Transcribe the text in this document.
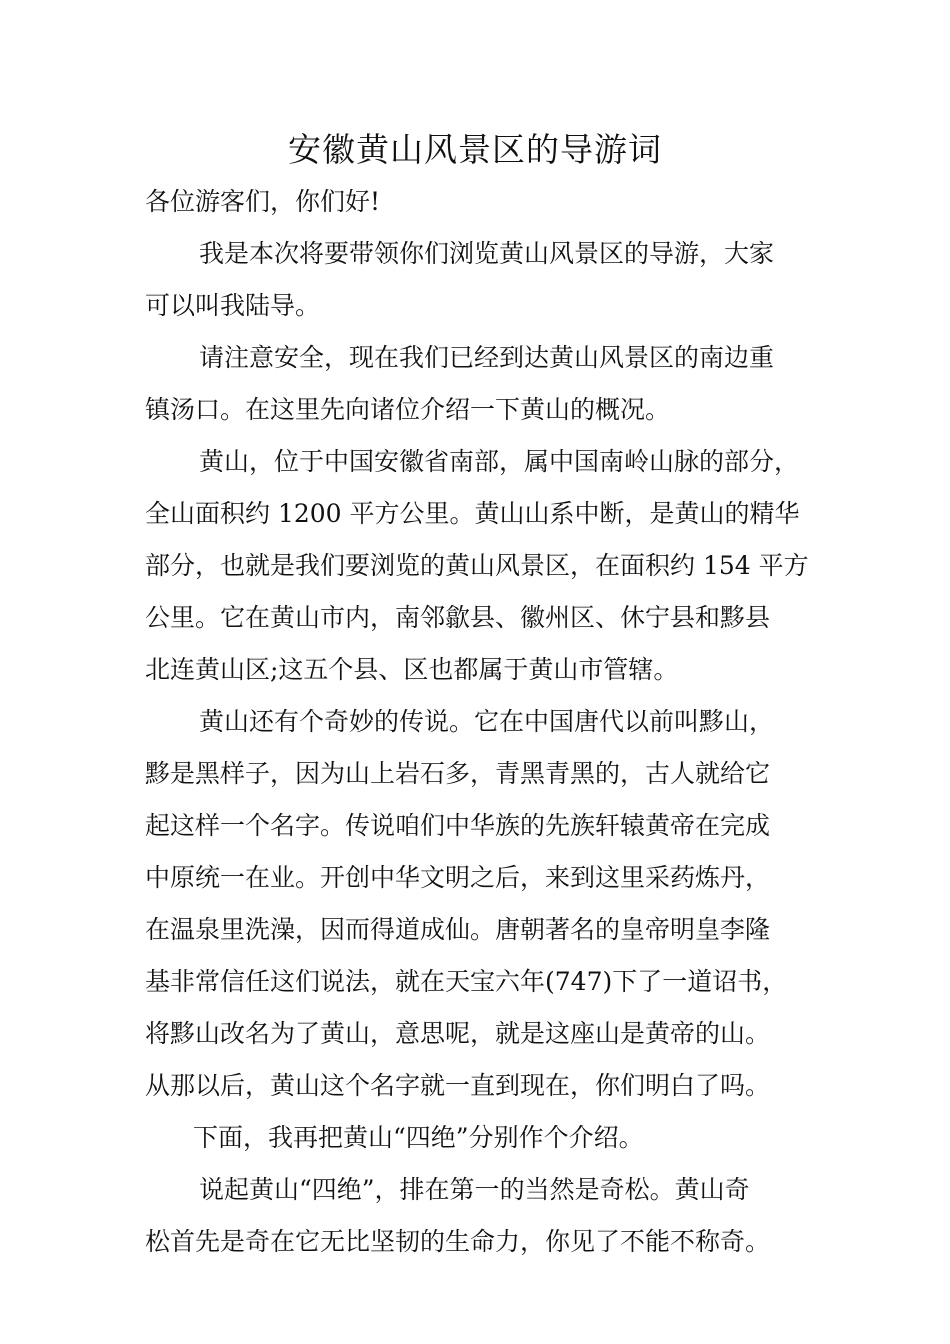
安徽黄山风景区的导游词
各位游客们，你们好!
我是本次将要带领你们浏览黄山风景区的导游，大家
可以叫我陆导。
请注意安全，现在我们已经到达黄山风景区的南边重
镇汤口。在这里先向诸位介绍一下黄山的概况。
黄山，位于中国安徽省南部，属中国南岭山脉的部分，
全山面积约 1200 平方公里。黄山山系中断，是黄山的精华
部分，也就是我们要浏览的黄山风景区，在面积约 154 平方
公里。它在黄山市内，南邻歙县、徽州区、休宁县和黟县
北连黄山区;这五个县、区也都属于黄山市管辖。
黄山还有个奇妙的传说。它在中国唐代以前叫黟山，
黟是黑样子，因为山上岩石多，青黑青黑的，古人就给它
起这样一个名字。传说咱们中华族的先族轩辕黄帝在完成
中原统一在业。开创中华文明之后，来到这里采药炼丹，
在温泉里洗澡，因而得道成仙。唐朝著名的皇帝明皇李隆
基非常信任这们说法，就在天宝六年(747)下了一道诏书，
将黟山改名为了黄山，意思呢，就是这座山是黄帝的山。
从那以后，黄山这个名字就一直到现在，你们明白了吗。
下面，我再把黄山“四绝”分别作个介绍。
说起黄山“四绝”，排在第一的当然是奇松。黄山奇
松首先是奇在它无比坚韧的生命力，你见了不能不称奇。
